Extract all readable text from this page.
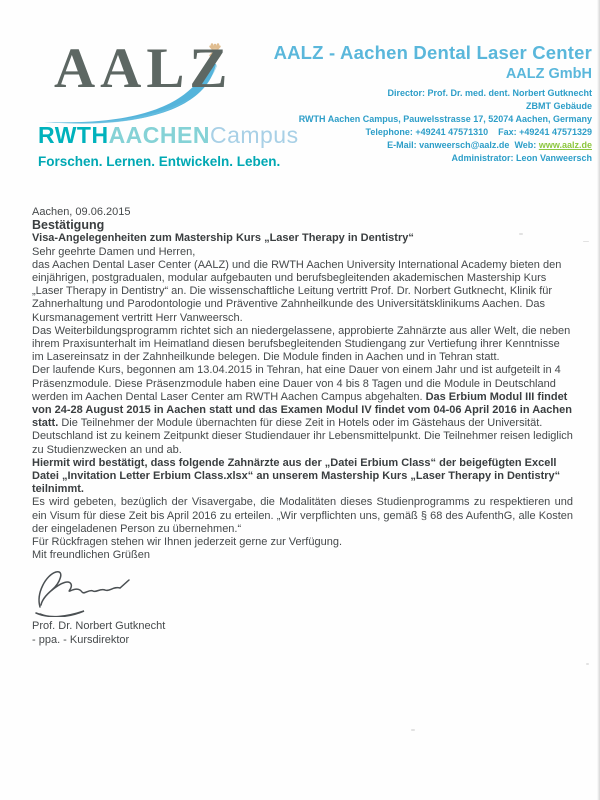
AALZ
RWTHAACHENCampus
Forschen. Lernen. Entwickeln. Leben.
AALZ - Aachen Dental Laser Center
AALZ GmbH
Director: Prof. Dr. med. dent. Norbert Gutknecht
ZBMT Gebäude
RWTH Aachen Campus, Pauwelsstrasse 17, 52074 Aachen, Germany
Telephone: +49241 47571310 Fax: +49241 47571329
E-Mail: vanweersch@aalz.de Web: www.aalz.de
Administrator: Leon Vanweersch

Aachen, 09.06.2015

Bestätigung

Visa-Angelegenheiten zum Mastership Kurs „Laser Therapy in Dentistry“

Sehr geehrte Damen und Herren,

das Aachen Dental Laser Center (AALZ) und die RWTH Aachen University International Academy bieten den einjährigen, postgradualen, modular aufgebauten und berufsbegleitenden akademischen Mastership Kurs „Laser Therapy in Dentistry“ an. Die wissenschaftliche Leitung vertritt Prof. Dr. Norbert Gutknecht, Klinik für Zahnerhaltung und Parodontologie und Präventive Zahnheilkunde des Universitätsklinikums Aachen. Das Kursmanagement vertritt Herr Vanweersch.

Das Weiterbildungsprogramm richtet sich an niedergelassene, approbierte Zahnärzte aus aller Welt, die neben ihrem Praxisunterhalt im Heimatland diesen berufsbegleitenden Studiengang zur Vertiefung ihrer Kenntnisse im Lasereinsatz in der Zahnheilkunde belegen. Die Module finden in Aachen und in Tehran statt.

Der laufende Kurs, begonnen am 13.04.2015 in Tehran, hat eine Dauer von einem Jahr und ist aufgeteilt in 4 Präsenzmodule. Diese Präsenzmodule haben eine Dauer von 4 bis 8 Tagen und die Module in Deutschland werden im Aachen Dental Laser Center am RWTH Aachen Campus abgehalten. Das Erbium Modul III findet von 24-28 August 2015 in Aachen statt und das Examen Modul IV findet vom 04-06 April 2016 in Aachen statt. Die Teilnehmer der Module übernachten für diese Zeit in Hotels oder im Gästehaus der Universität. Deutschland ist zu keinem Zeitpunkt dieser Studiendauer ihr Lebensmittelpunkt. Die Teilnehmer reisen lediglich zu Studienzwecken an und ab.

Hiermit wird bestätigt, dass folgende Zahnärzte aus der „Datei Erbium Class“ der beigefügten Excell Datei „Invitation Letter Erbium Class.xlsx“ an unserem Mastership Kurs „Laser Therapy in Dentistry“ teilnimmt.

Es wird gebeten, bezüglich der Visavergabe, die Modalitäten dieses Studienprogramms zu respektieren und ein Visum für diese Zeit bis April 2016 zu erteilen. „Wir verpflichten uns, gemäß § 68 des AufenthG, alle Kosten der eingeladenen Person zu übernehmen.“

Für Rückfragen stehen wir Ihnen jederzeit gerne zur Verfügung.

Mit freundlichen Grüßen

Prof. Dr. Norbert Gutknecht
- ppa. - Kursdirektor
